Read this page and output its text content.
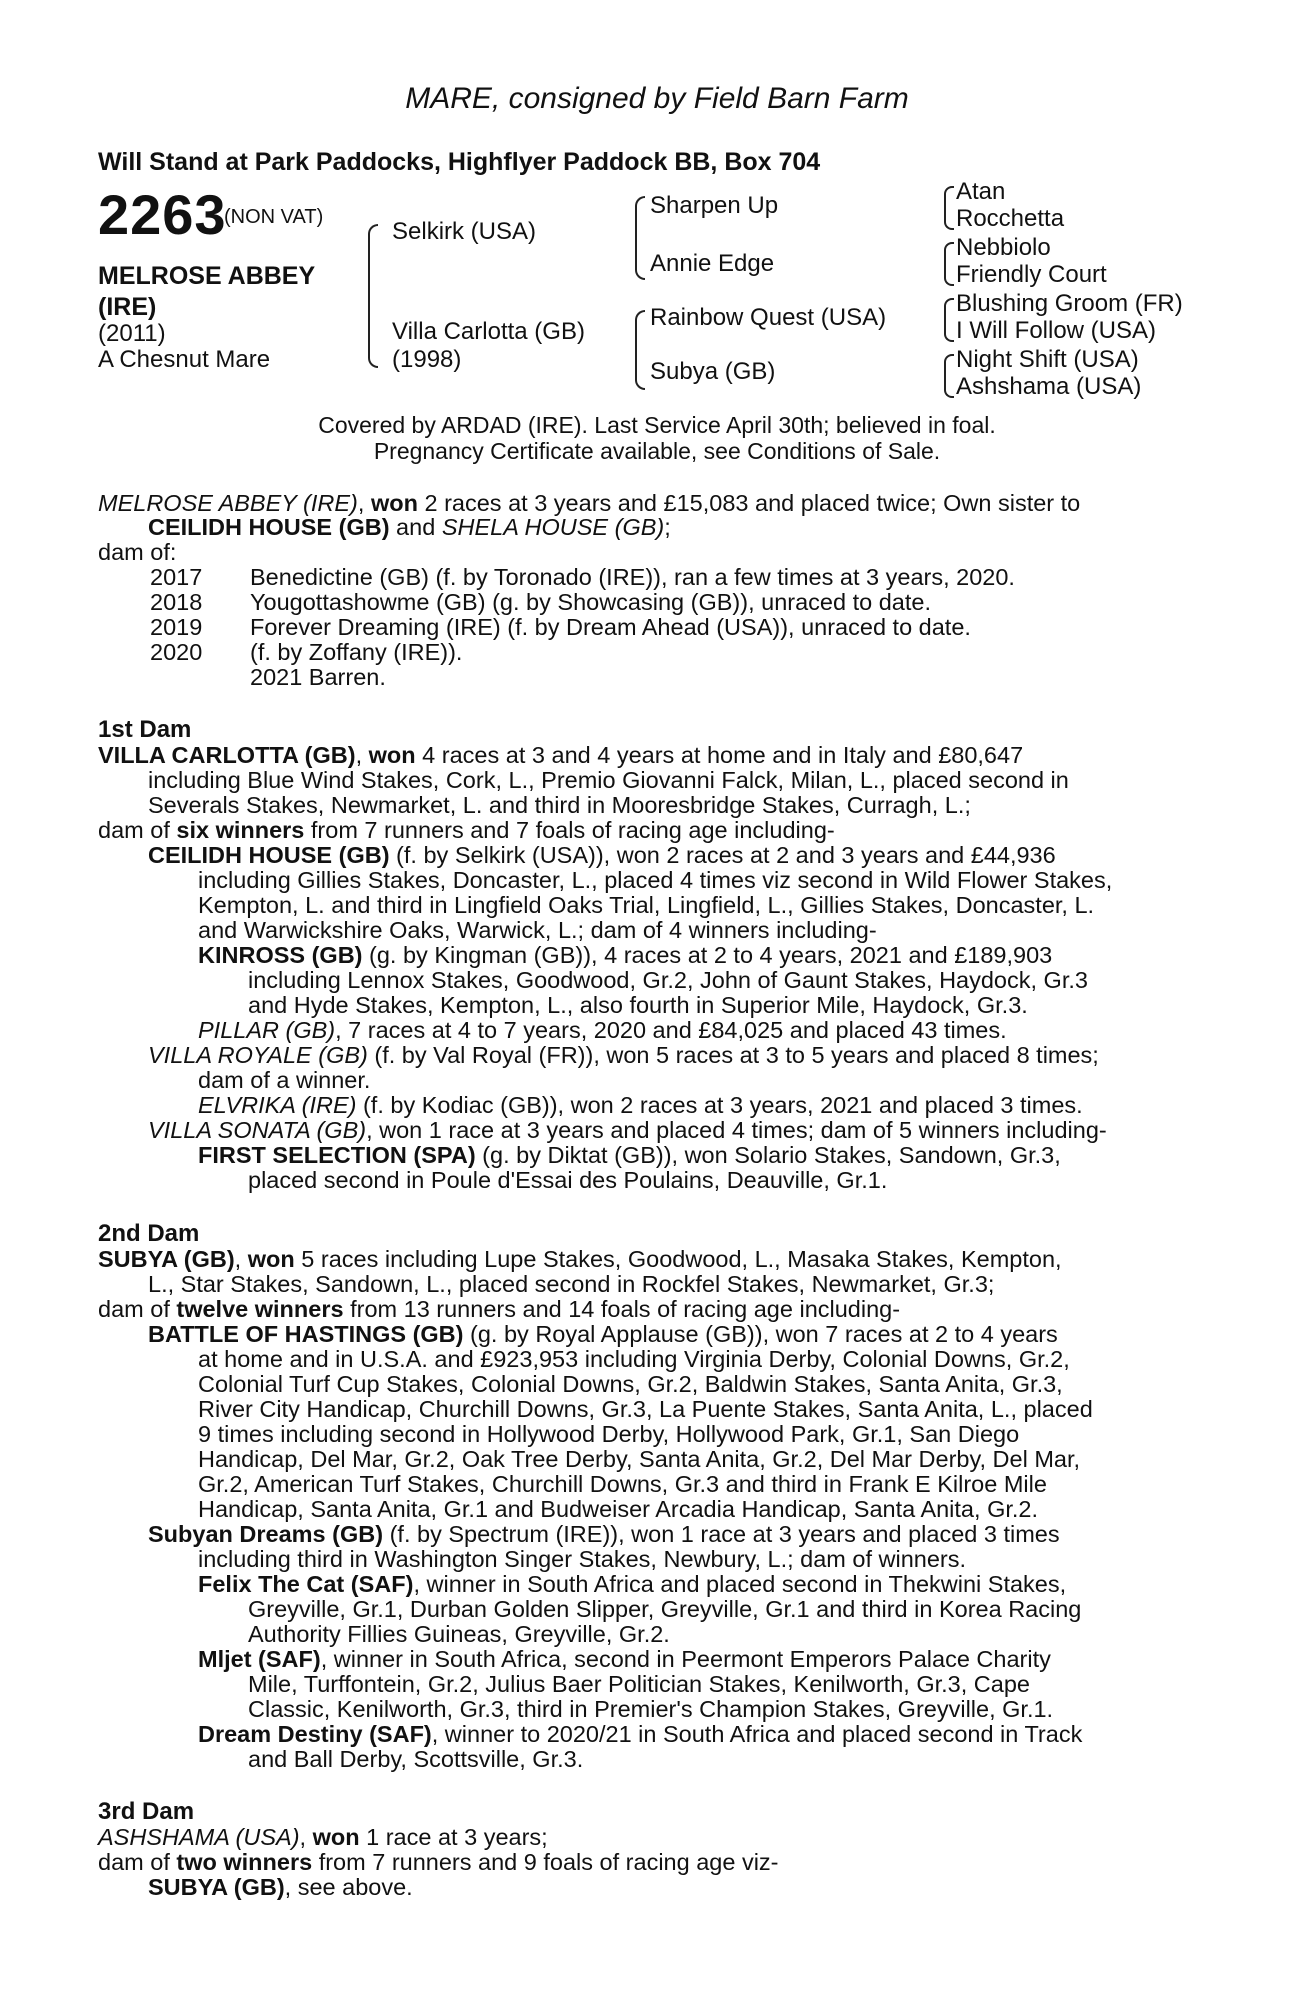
MARE, consigned by Field Barn Farm
Will Stand at Park Paddocks, Highflyer Paddock BB, Box 704
2263
(NON VAT)
MELROSE ABBEY
(IRE)
(2011)
A Chesnut Mare
Selkirk (USA)
Villa Carlotta (GB)
(1998)
Sharpen Up
Annie Edge
Rainbow Quest (USA)
Subya (GB)
Atan
Rocchetta
Nebbiolo
Friendly Court
Blushing Groom (FR)
I Will Follow (USA)
Night Shift (USA)
Ashshama (USA)
Covered by ARDAD (IRE). Last Service April 30th; believed in foal.
Pregnancy Certificate available, see Conditions of Sale.
MELROSE ABBEY (IRE), won 2 races at 3 years and £15,083 and placed twice; Own sister to
CEILIDH HOUSE (GB) and SHELA HOUSE (GB);
dam of:
2017 Benedictine (GB) (f. by Toronado (IRE)), ran a few times at 3 years, 2020.
2018 Yougottashowme (GB) (g. by Showcasing (GB)), unraced to date.
2019 Forever Dreaming (IRE) (f. by Dream Ahead (USA)), unraced to date.
2020 (f. by Zoffany (IRE)).
2021 Barren.
1st Dam
VILLA CARLOTTA (GB), won 4 races at 3 and 4 years at home and in Italy and £80,647
including Blue Wind Stakes, Cork, L., Premio Giovanni Falck, Milan, L., placed second in
Severals Stakes, Newmarket, L. and third in Mooresbridge Stakes, Curragh, L.;
dam of six winners from 7 runners and 7 foals of racing age including-
CEILIDH HOUSE (GB) (f. by Selkirk (USA)), won 2 races at 2 and 3 years and £44,936
including Gillies Stakes, Doncaster, L., placed 4 times viz second in Wild Flower Stakes,
Kempton, L. and third in Lingfield Oaks Trial, Lingfield, L., Gillies Stakes, Doncaster, L.
and Warwickshire Oaks, Warwick, L.; dam of 4 winners including-
KINROSS (GB) (g. by Kingman (GB)), 4 races at 2 to 4 years, 2021 and £189,903
including Lennox Stakes, Goodwood, Gr.2, John of Gaunt Stakes, Haydock, Gr.3
and Hyde Stakes, Kempton, L., also fourth in Superior Mile, Haydock, Gr.3.
PILLAR (GB), 7 races at 4 to 7 years, 2020 and £84,025 and placed 43 times.
VILLA ROYALE (GB) (f. by Val Royal (FR)), won 5 races at 3 to 5 years and placed 8 times;
dam of a winner.
ELVRIKA (IRE) (f. by Kodiac (GB)), won 2 races at 3 years, 2021 and placed 3 times.
VILLA SONATA (GB), won 1 race at 3 years and placed 4 times; dam of 5 winners including-
FIRST SELECTION (SPA) (g. by Diktat (GB)), won Solario Stakes, Sandown, Gr.3,
placed second in Poule d'Essai des Poulains, Deauville, Gr.1.
2nd Dam
SUBYA (GB), won 5 races including Lupe Stakes, Goodwood, L., Masaka Stakes, Kempton,
L., Star Stakes, Sandown, L., placed second in Rockfel Stakes, Newmarket, Gr.3;
dam of twelve winners from 13 runners and 14 foals of racing age including-
BATTLE OF HASTINGS (GB) (g. by Royal Applause (GB)), won 7 races at 2 to 4 years
at home and in U.S.A. and £923,953 including Virginia Derby, Colonial Downs, Gr.2,
Colonial Turf Cup Stakes, Colonial Downs, Gr.2, Baldwin Stakes, Santa Anita, Gr.3,
River City Handicap, Churchill Downs, Gr.3, La Puente Stakes, Santa Anita, L., placed
9 times including second in Hollywood Derby, Hollywood Park, Gr.1, San Diego
Handicap, Del Mar, Gr.2, Oak Tree Derby, Santa Anita, Gr.2, Del Mar Derby, Del Mar,
Gr.2, American Turf Stakes, Churchill Downs, Gr.3 and third in Frank E Kilroe Mile
Handicap, Santa Anita, Gr.1 and Budweiser Arcadia Handicap, Santa Anita, Gr.2.
Subyan Dreams (GB) (f. by Spectrum (IRE)), won 1 race at 3 years and placed 3 times
including third in Washington Singer Stakes, Newbury, L.; dam of winners.
Felix The Cat (SAF), winner in South Africa and placed second in Thekwini Stakes,
Greyville, Gr.1, Durban Golden Slipper, Greyville, Gr.1 and third in Korea Racing
Authority Fillies Guineas, Greyville, Gr.2.
Mljet (SAF), winner in South Africa, second in Peermont Emperors Palace Charity
Mile, Turffontein, Gr.2, Julius Baer Politician Stakes, Kenilworth, Gr.3, Cape
Classic, Kenilworth, Gr.3, third in Premier's Champion Stakes, Greyville, Gr.1.
Dream Destiny (SAF), winner to 2020/21 in South Africa and placed second in Track
and Ball Derby, Scottsville, Gr.3.
3rd Dam
ASHSHAMA (USA), won 1 race at 3 years;
dam of two winners from 7 runners and 9 foals of racing age viz-
SUBYA (GB), see above.
